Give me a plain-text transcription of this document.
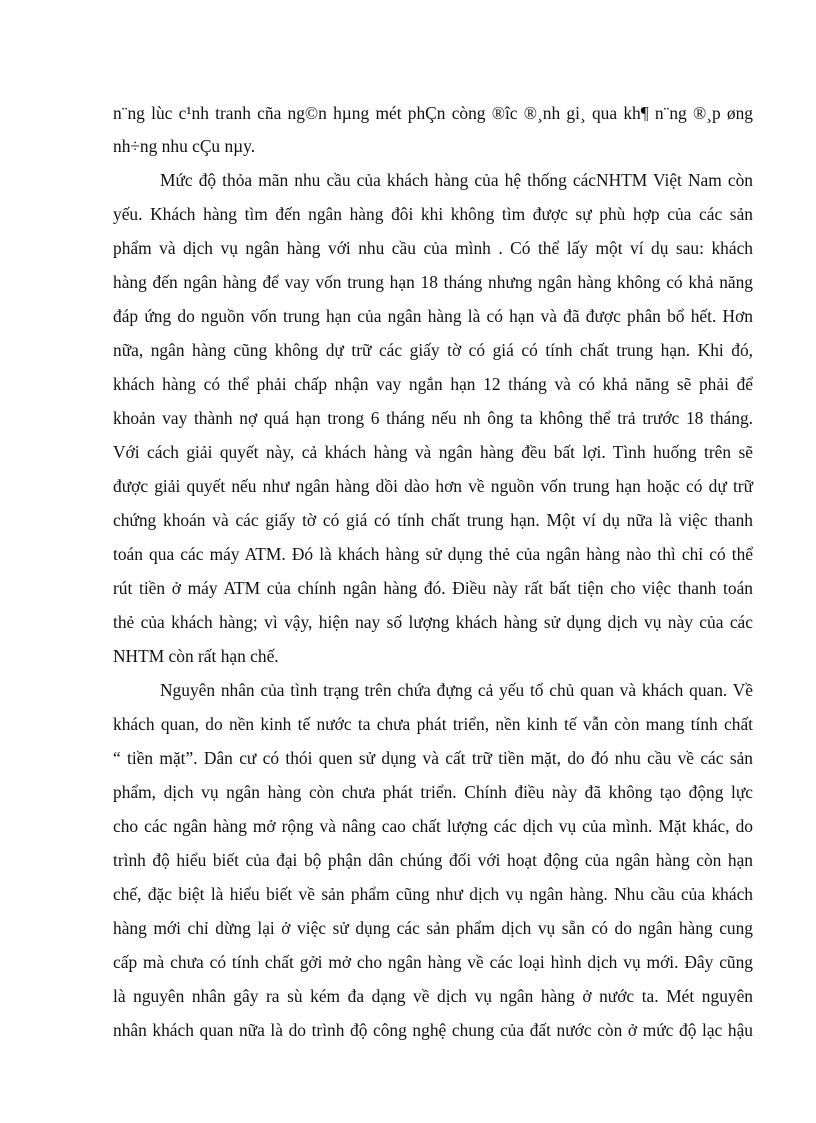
n¨ng lùc c¹nh tranh cña ng©n hµng mét phÇn còng ®îc ®¸nh gi¸ qua kh¶ n¨ng ®¸p øng
nh÷ng nhu cÇu nµy.
Mức độ thỏa mãn nhu cầu của khách hàng của hệ thống cácNHTM Việt Nam còn
yếu. Khách hàng tìm đến ngân hàng đôi khi không tìm được sự phù hợp của các sản
phẩm và dịch vụ ngân hàng với nhu cầu của mình . Có thể lấy một ví dụ sau: khách
hàng đến ngân hàng để vay vốn trung hạn 18 tháng nhưng ngân hàng không có khả năng
đáp ứng do nguồn vốn trung hạn của ngân hàng là có hạn và đã được phân bổ hết. Hơn
nữa, ngân hàng cũng không dự trữ các giấy tờ có giá có tính chất trung hạn. Khi đó,
khách hàng có thể phải chấp nhận vay ngắn hạn 12 tháng và có khả năng sẽ phải để
khoản vay thành nợ quá hạn trong 6 tháng nếu nh ông ta không thể trả trước 18 tháng.
Với cách giải quyết này, cả khách hàng và ngân hàng đều bất lợi. Tình huống trên sẽ
được giải quyết nếu như ngân hàng dồi dào hơn về nguồn vốn trung hạn hoặc có dự trữ
chứng khoán và các giấy tờ có giá có tính chất trung hạn. Một ví dụ nữa là việc thanh
toán qua các máy ATM. Đó là khách hàng sử dụng thẻ của ngân hàng nào thì chỉ có thể
rút tiền ở máy ATM của chính ngân hàng đó. Điều này rất bất tiện cho việc thanh toán
thẻ của khách hàng; vì vậy, hiện nay số lượng khách hàng sử dụng dịch vụ này của các
NHTM còn rất hạn chế.
Nguyên nhân của tình trạng trên chứa đựng cả yếu tố chủ quan và khách quan. Về
khách quan, do nền kinh tế nước ta chưa phát triển, nền kinh tế vẫn còn mang tính chất
“ tiền mặt”. Dân cư có thói quen sử dụng và cất trữ tiền mặt, do đó nhu cầu về các sản
phẩm, dịch vụ ngân hàng còn chưa phát triển. Chính điều này đã không tạo động lực
cho các ngân hàng mở rộng và nâng cao chất lượng các dịch vụ của mình. Mặt khác, do
trình độ hiểu biết của đại bộ phận dân chúng đối với hoạt động của ngân hàng còn hạn
chế, đặc biệt là hiểu biết về sản phẩm cũng như dịch vụ ngân hàng. Nhu cầu của khách
hàng mới chỉ dừng lại ở việc sử dụng các sản phẩm dịch vụ sẵn có do ngân hàng cung
cấp mà chưa có tính chất gởi mở cho ngân hàng về các loại hình dịch vụ mới. Đây cũng
là nguyên nhân gây ra sù kém đa dạng về dịch vụ ngân hàng ở nước ta. Mét nguyên
nhân khách quan nữa là do trình độ công nghệ chung của đất nước còn ở mức độ lạc hậu
